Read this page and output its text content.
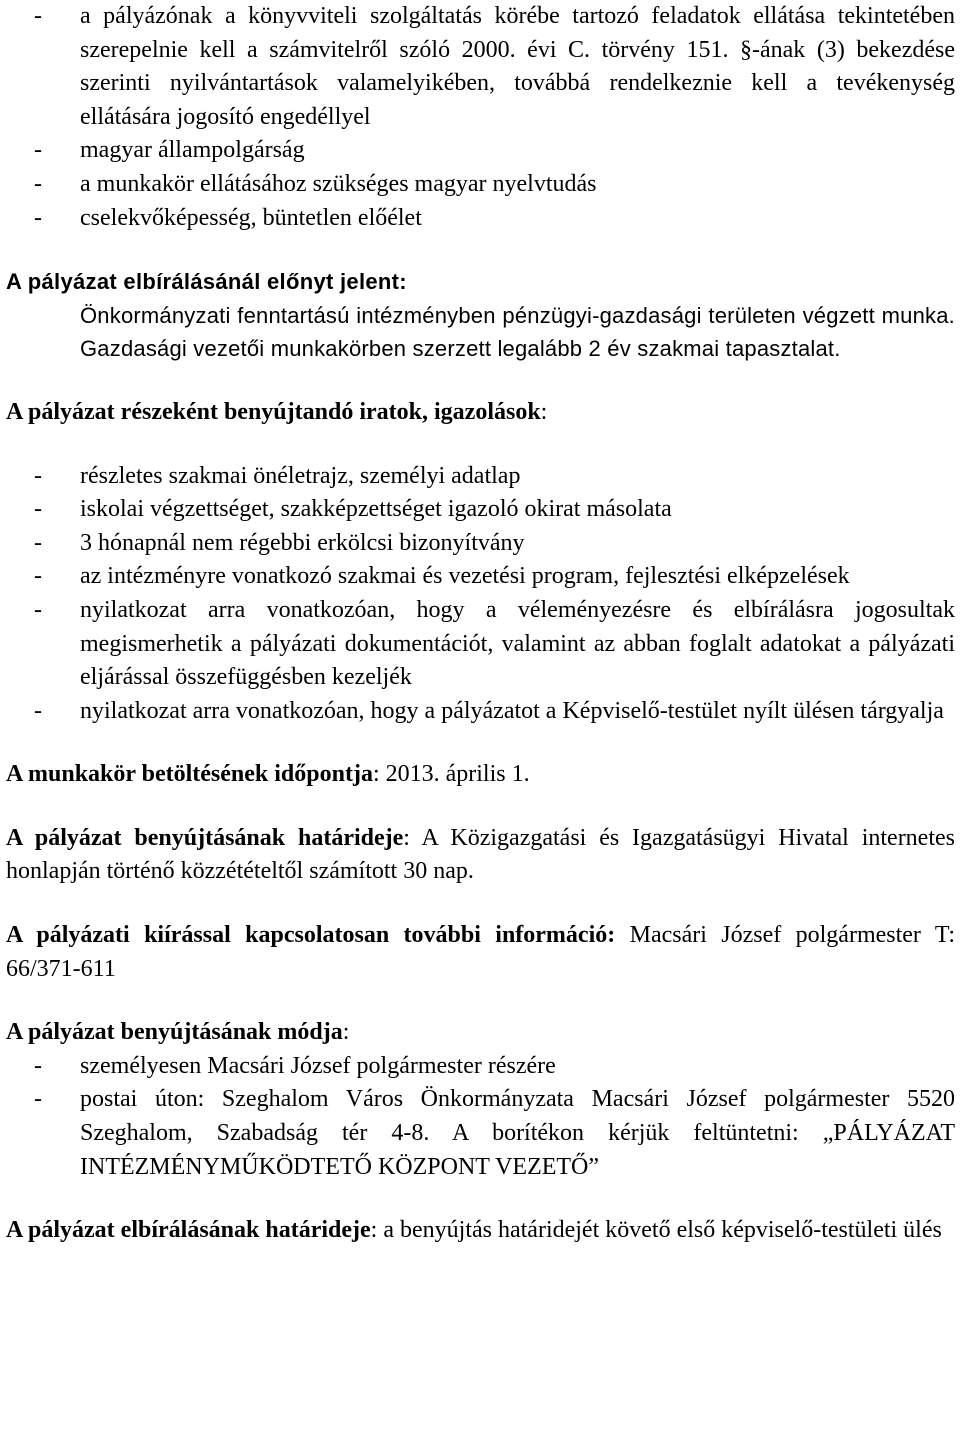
- a pályázónak a könyvviteli szolgáltatás körébe tartozó feladatok ellátása tekintetében szerepelnie kell a számvitelről szóló 2000. évi C. törvény 151. §-ának (3) bekezdése szerinti nyilvántartások valamelyikében, továbbá rendelkeznie kell a tevékenység ellátására jogosító engedéllyel
- magyar állampolgárság
- a munkakör ellátásához szükséges magyar nyelvtudás
- cselekvőképesség, büntetlen előélet
A pályázat elbírálásánál előnyt jelent:
Önkormányzati fenntartású intézményben pénzügyi-gazdasági területen végzett munka. Gazdasági vezetői munkakörben szerzett legalább 2 év szakmai tapasztalat.
A pályázat részeként benyújtandó iratok, igazolások:
- részletes szakmai önéletrajz, személyi adatlap
- iskolai végzettséget, szakképzettséget igazoló okirat másolata
- 3 hónapnál nem régebbi erkölcsi bizonyítvány
- az intézményre vonatkozó szakmai és vezetési program, fejlesztési elképzelések
- nyilatkozat arra vonatkozóan, hogy a véleményezésre és elbírálásra jogosultak megismerhetik a pályázati dokumentációt, valamint az abban foglalt adatokat a pályázati eljárással összefüggésben kezeljék
- nyilatkozat arra vonatkozóan, hogy a pályázatot a Képviselő-testület nyílt ülésen tárgyalja
A munkakör betöltésének időpontja: 2013. április 1.
A pályázat benyújtásának határideje: A Közigazgatási és Igazgatásügyi Hivatal internetes honlapján történő közzétételtől számított 30 nap.
A pályázati kiírással kapcsolatosan további információ: Macsári József polgármester T: 66/371-611
A pályázat benyújtásának módja:
- személyesen Macsári József polgármester részére
- postai úton: Szeghalom Város Önkormányzata Macsári József polgármester 5520 Szeghalom, Szabadság tér 4-8. A borítékon kérjük feltüntetni: „PÁLYÁZAT INTÉZMÉNYMŰKÖDTETŐ KÖZPONT VEZETŐ”
A pályázat elbírálásának határideje: a benyújtás határidejét követő első képviselő-testületi ülés
